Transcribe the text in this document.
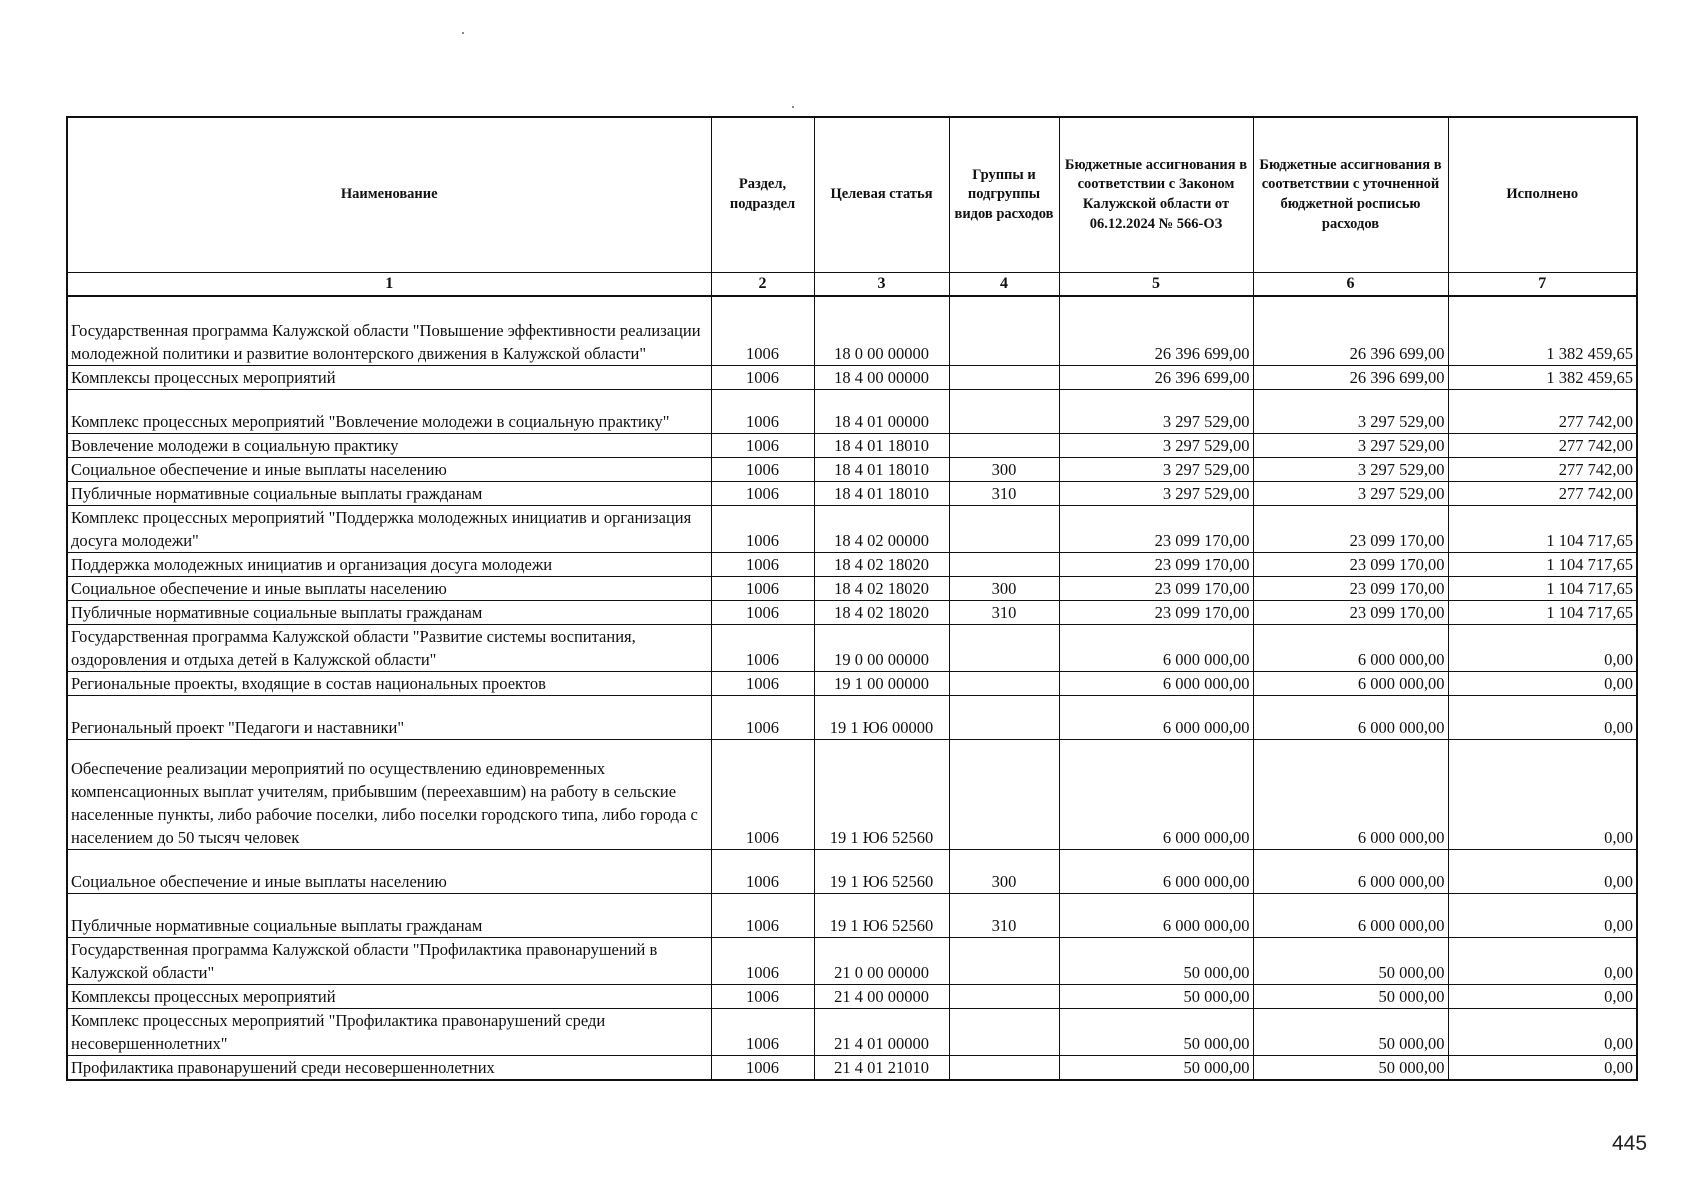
Наименование	Раздел, подраздел	Целевая статья	Группы и подгруппы видов расходов	Бюджетные ассигнования в соответствии с Законом Калужской области от 06.12.2024 № 566-ОЗ	Бюджетные ассигнования в соответствии с уточненной бюджетной росписью расходов	Исполнено
1	2	3	4	5	6	7
Государственная программа Калужской области "Повышение эффективности реализации молодежной политики и развитие волонтерского движения в Калужской области"	1006	18 0 00 00000		26 396 699,00	26 396 699,00	1 382 459,65
Комплексы процессных мероприятий	1006	18 4 00 00000		26 396 699,00	26 396 699,00	1 382 459,65
Комплекс процессных мероприятий "Вовлечение молодежи в социальную практику"	1006	18 4 01 00000		3 297 529,00	3 297 529,00	277 742,00
Вовлечение молодежи в социальную практику	1006	18 4 01 18010		3 297 529,00	3 297 529,00	277 742,00
Социальное обеспечение и иные выплаты населению	1006	18 4 01 18010	300	3 297 529,00	3 297 529,00	277 742,00
Публичные нормативные социальные выплаты гражданам	1006	18 4 01 18010	310	3 297 529,00	3 297 529,00	277 742,00
Комплекс процессных мероприятий "Поддержка молодежных инициатив и организация досуга молодежи"	1006	18 4 02 00000		23 099 170,00	23 099 170,00	1 104 717,65
Поддержка молодежных инициатив и организация досуга молодежи	1006	18 4 02 18020		23 099 170,00	23 099 170,00	1 104 717,65
Социальное обеспечение и иные выплаты населению	1006	18 4 02 18020	300	23 099 170,00	23 099 170,00	1 104 717,65
Публичные нормативные социальные выплаты гражданам	1006	18 4 02 18020	310	23 099 170,00	23 099 170,00	1 104 717,65
Государственная программа Калужской области "Развитие системы воспитания, оздоровления и отдыха детей в Калужской области"	1006	19 0 00 00000		6 000 000,00	6 000 000,00	0,00
Региональные проекты, входящие в состав национальных проектов	1006	19 1 00 00000		6 000 000,00	6 000 000,00	0,00
Региональный проект "Педагоги и наставники"	1006	19 1 Ю6 00000		6 000 000,00	6 000 000,00	0,00
Обеспечение реализации мероприятий по осуществлению единовременных компенсационных выплат учителям, прибывшим (переехавшим) на работу в сельские населенные пункты, либо рабочие поселки, либо поселки городского типа, либо города с населением до 50 тысяч человек	1006	19 1 Ю6 52560		6 000 000,00	6 000 000,00	0,00
Социальное обеспечение и иные выплаты населению	1006	19 1 Ю6 52560	300	6 000 000,00	6 000 000,00	0,00
Публичные нормативные социальные выплаты гражданам	1006	19 1 Ю6 52560	310	6 000 000,00	6 000 000,00	0,00
Государственная программа Калужской области "Профилактика правонарушений в Калужской области"	1006	21 0 00 00000		50 000,00	50 000,00	0,00
Комплексы процессных мероприятий	1006	21 4 00 00000		50 000,00	50 000,00	0,00
Комплекс процессных мероприятий "Профилактика правонарушений среди несовершеннолетних"	1006	21 4 01 00000		50 000,00	50 000,00	0,00
Профилактика правонарушений среди несовершеннолетних	1006	21 4 01 21010		50 000,00	50 000,00	0,00
445
